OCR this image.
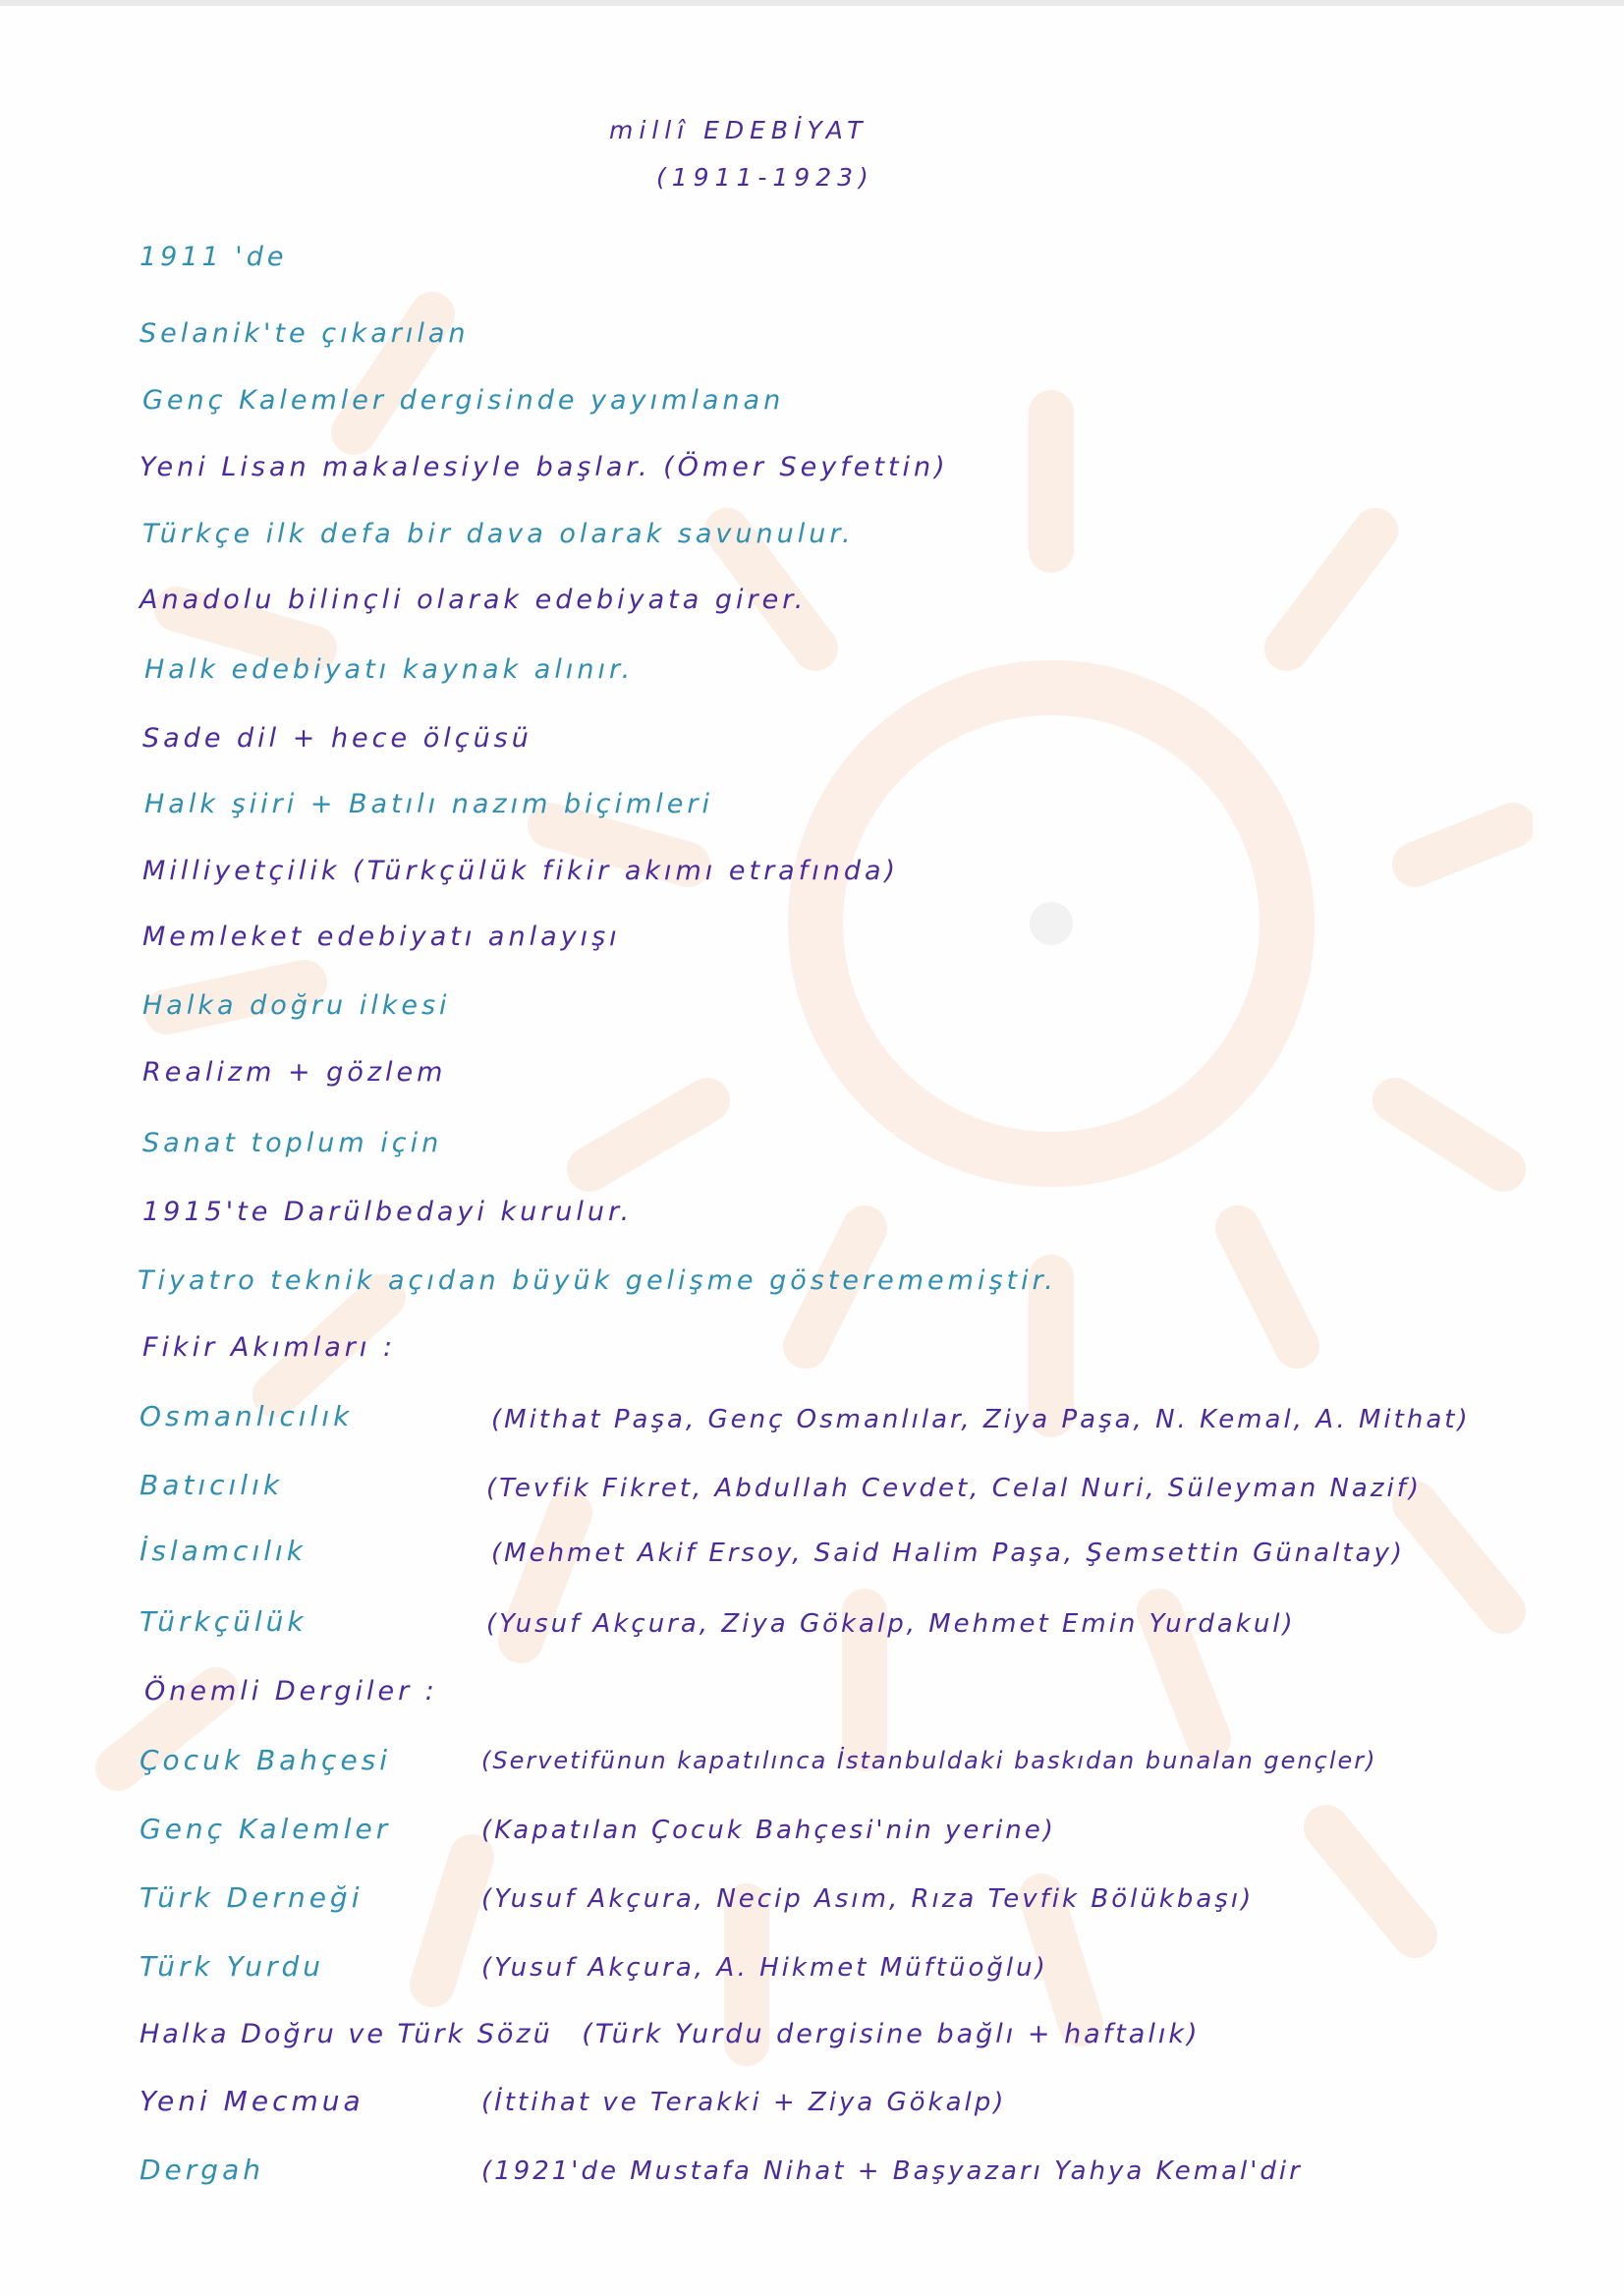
millî EDEBİYAT
(1911-1923)
1911 'de
Selanik'te çıkarılan
Genç Kalemler dergisinde yayımlanan
Yeni Lisan makalesiyle başlar. (Ömer Seyfettin)
Türkçe ilk defa bir dava olarak savunulur.
Anadolu bilinçli olarak edebiyata girer.
Halk edebiyatı kaynak alınır.
Sade dil + hece ölçüsü
Halk şiiri + Batılı nazım biçimleri
Milliyetçilik (Türkçülük fikir akımı etrafında)
Memleket edebiyatı anlayışı
Halka doğru ilkesi
Realizm + gözlem
Sanat toplum için
1915'te Darülbedayi kurulur.
Tiyatro teknik açıdan büyük gelişme gösterememiştir.
Fikir Akımları :
Osmanlıcılık	(Mithat Paşa, Genç Osmanlılar, Ziya Paşa, N. Kemal, A. Mithat)
Batıcılık	(Tevfik Fikret, Abdullah Cevdet, Celal Nuri, Süleyman Nazif)
İslamcılık	(Mehmet Akif Ersoy, Said Halim Paşa, Şemsettin Günaltay)
Türkçülük	(Yusuf Akçura, Ziya Gökalp, Mehmet Emin Yurdakul)
Önemli Dergiler :
Çocuk Bahçesi	(Servetifünun kapatılınca İstanbuldaki baskıdan bunalan gençler)
Genç Kalemler	(Kapatılan Çocuk Bahçesi'nin yerine)
Türk Derneği	(Yusuf Akçura, Necip Asım, Rıza Tevfik Bölükbaşı)
Türk Yurdu	(Yusuf Akçura, A. Hikmet Müftüoğlu)
Halka Doğru ve Türk Sözü (Türk Yurdu dergisine bağlı + haftalık)
Yeni Mecmua	(İttihat ve Terakki + Ziya Gökalp)
Dergah	(1921'de Mustafa Nihat + Başyazarı Yahya Kemal'dir
